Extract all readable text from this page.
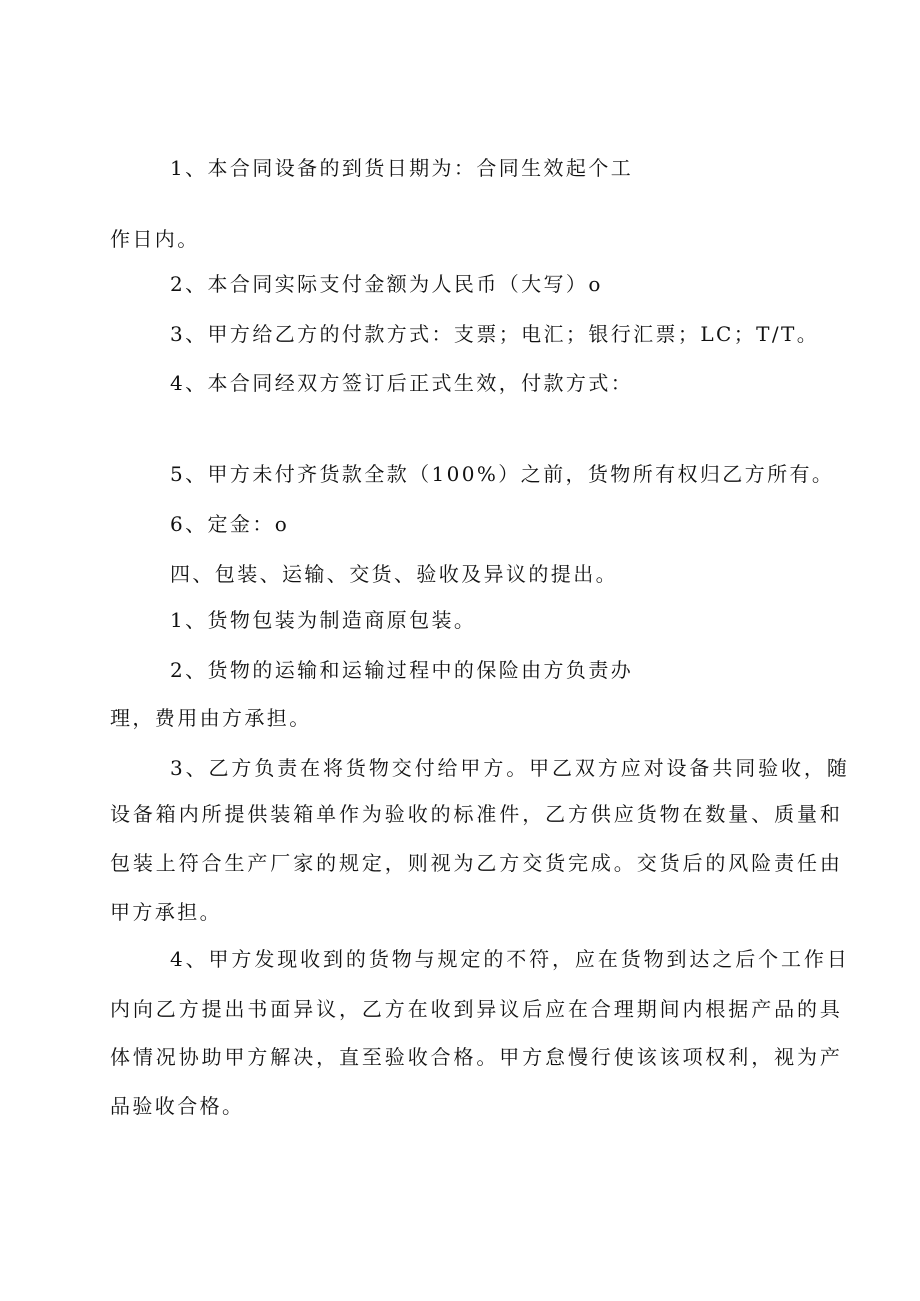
1、本合同设备的到货日期为：合同生效起个工
作日内。
2、本合同实际支付金额为人民币（大写）o
3、甲方给乙方的付款方式：支票；电汇；银行汇票；LC；T/T。
4、本合同经双方签订后正式生效，付款方式：
5、甲方未付齐货款全款（100%）之前，货物所有权归乙方所有。
6、定金：o
四、包装、运输、交货、验收及异议的提出。
1、货物包装为制造商原包装。
2、货物的运输和运输过程中的保险由方负责办
理，费用由方承担。
3、乙方负责在将货物交付给甲方。甲乙双方应对设备共同验收，随
设备箱内所提供装箱单作为验收的标准件，乙方供应货物在数量、质量和
包装上符合生产厂家的规定，则视为乙方交货完成。交货后的风险责任由
甲方承担。
4、甲方发现收到的货物与规定的不符，应在货物到达之后个工作日
内向乙方提出书面异议，乙方在收到异议后应在合理期间内根据产品的具
体情况协助甲方解决，直至验收合格。甲方怠慢行使该该项权利，视为产
品验收合格。
